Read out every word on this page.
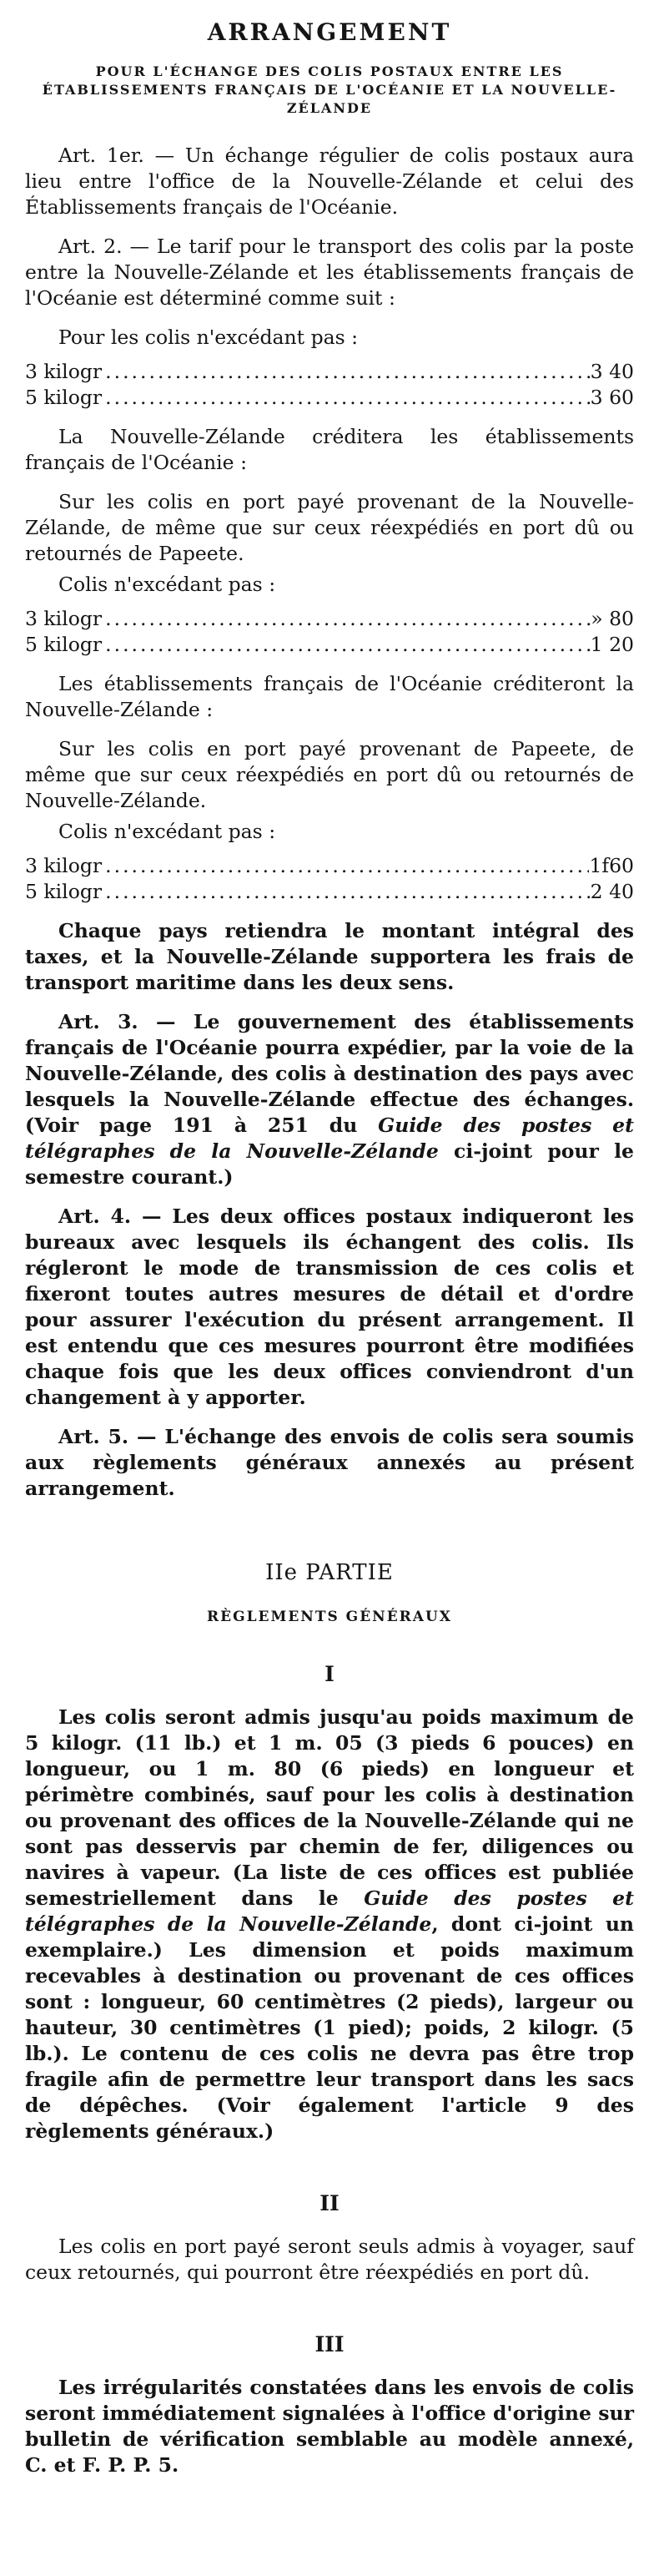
ARRANGEMENT
POUR L'ÉCHANGE DES COLIS POSTAUX ENTRE LES ÉTABLISSEMENTS FRANÇAIS DE L'OCÉANIE ET LA NOUVELLE-ZÉLANDE

Art. 1er. — Un échange régulier de colis postaux aura lieu entre l'office de la Nouvelle-Zélande et celui des Établissements français de l'Océanie.

Art. 2. — Le tarif pour le transport des colis par la poste entre la Nouvelle-Zélande et les établissements français de l'Océanie est déterminé comme suit :

Pour les colis n'excédant pas :

3 kilogr .....	3 40
5 kilogr .....	3 60

La Nouvelle-Zélande créditera les établissements français de l'Océanie :

Sur les colis en port payé provenant de la Nouvelle-Zélande, de même que sur ceux réexpédiés en port dû ou retournés de Papeete.

Colis n'excédant pas :

3 kilogr .....	» 80
5 kilogr .....	1 20

Les établissements français de l'Océanie créditeront la Nouvelle-Zélande :

Sur les colis en port payé provenant de Papeete, de même que sur ceux réexpédiés en port dû ou retournés de Nouvelle-Zélande.

Colis n'excédant pas :

3 kilogr .....	1f60
5 kilogr .....	2 40

Chaque pays retiendra le montant intégral des taxes, et la Nouvelle-Zélande supportera les frais de transport maritime dans les deux sens.

Art. 3. — Le gouvernement des établissements français de l'Océanie pourra expédier, par la voie de la Nouvelle-Zélande, des colis à destination des pays avec lesquels la Nouvelle-Zélande effectue des échanges. (Voir page 191 à 251 du Guide des postes et télégraphes de la Nouvelle-Zélande ci-joint pour le semestre courant.)

Art. 4. — Les deux offices postaux indiqueront les bureaux avec lesquels ils échangent des colis. Ils régleront le mode de transmission de ces colis et fixeront toutes autres mesures de détail et d'ordre pour assurer l'exécution du présent arrangement. Il est entendu que ces mesures pourront être modifiées chaque fois que les deux offices conviendront d'un changement à y apporter.

Art. 5. — L'échange des envois de colis sera soumis aux règlements généraux annexés au présent arrangement.

IIe PARTIE
RÈGLEMENTS GÉNÉRAUX
I

Les colis seront admis jusqu'au poids maximum de 5 kilogr. (11 lb.) et 1 m. 05 (3 pieds 6 pouces) en longueur, ou 1 m. 80 (6 pieds) en longueur et périmètre combinés, sauf pour les colis à destination ou provenant des offices de la Nouvelle-Zélande qui ne sont pas desservis par chemin de fer, diligences ou navires à vapeur. (La liste de ces offices est publiée semestriellement dans le Guide des postes et télégraphes de la Nouvelle-Zélande, dont ci-joint un exemplaire.) Les dimension et poids maximum recevables à destination ou provenant de ces offices sont : longueur, 60 centimètres (2 pieds), largeur ou hauteur, 30 centimètres (1 pied); poids, 2 kilogr. (5 lb.). Le contenu de ces colis ne devra pas être trop fragile afin de permettre leur transport dans les sacs de dépêches. (Voir également l'article 9 des règlements généraux.)

II

Les colis en port payé seront seuls admis à voyager, sauf ceux retournés, qui pourront être réexpédiés en port dû.

III

Les irrégularités constatées dans les envois de colis seront immédiatement signalées à l'office d'origine sur bulletin de vérification semblable au modèle annexé, C. et F. P. P. 5.
